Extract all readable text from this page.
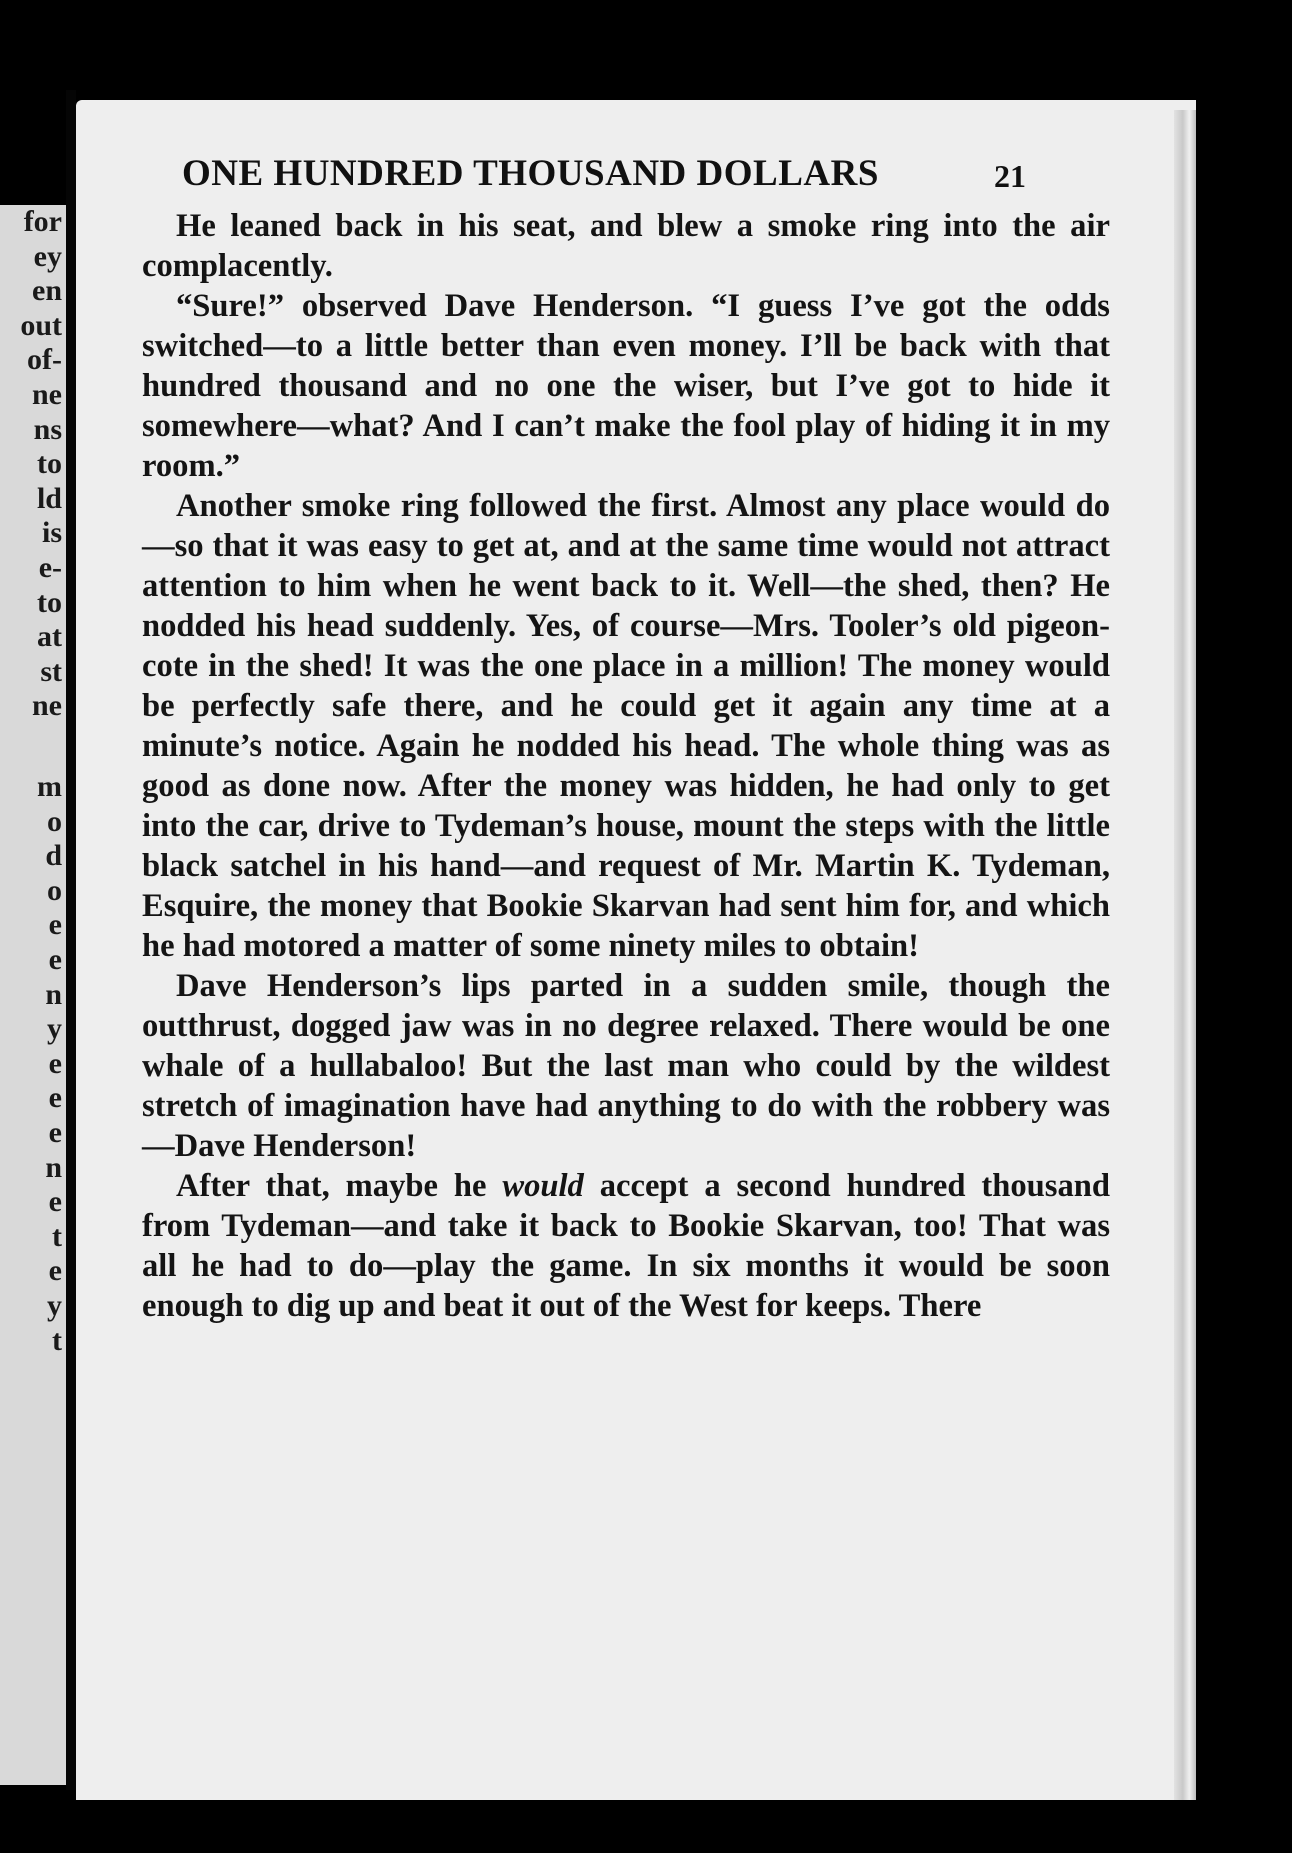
for
ey
en
out
of-
ne
ns
to
ld
is
e-
to
at
st
ne
m
o
d
o
e
e
n
y
e
e
e
n
e
t
e
y
t
ONE HUNDRED THOUSAND DOLLARS	21

He leaned back in his seat, and blew a smoke ring into the air complacently.

“Sure!” observed Dave Henderson. “I guess I’ve got the odds switched—to a little better than even money. I’ll be back with that hundred thousand and no one the wiser, but I’ve got to hide it somewhere—what? And I can’t make the fool play of hiding it in my room.”

Another smoke ring followed the first. Almost any place would do—so that it was easy to get at, and at the same time would not attract attention to him when he went back to it. Well—the shed, then? He nodded his head suddenly. Yes, of course—Mrs. Tooler’s old pigeon-cote in the shed! It was the one place in a million! The money would be perfectly safe there, and he could get it again any time at a minute’s notice. Again he nodded his head. The whole thing was as good as done now. After the money was hidden, he had only to get into the car, drive to Tydeman’s house, mount the steps with the little black satchel in his hand—and request of Mr. Martin K. Tydeman, Esquire, the money that Bookie Skarvan had sent him for, and which he had motored a matter of some ninety miles to obtain!

Dave Henderson’s lips parted in a sudden smile, though the outthrust, dogged jaw was in no degree relaxed. There would be one whale of a hullabaloo! But the last man who could by the wildest stretch of imagination have had anything to do with the robbery was—Dave Henderson!

After that, maybe he would accept a second hundred thousand from Tydeman—and take it back to Bookie Skarvan, too! That was all he had to do—play the game. In six months it would be soon enough to dig up and beat it out of the West for keeps. There
